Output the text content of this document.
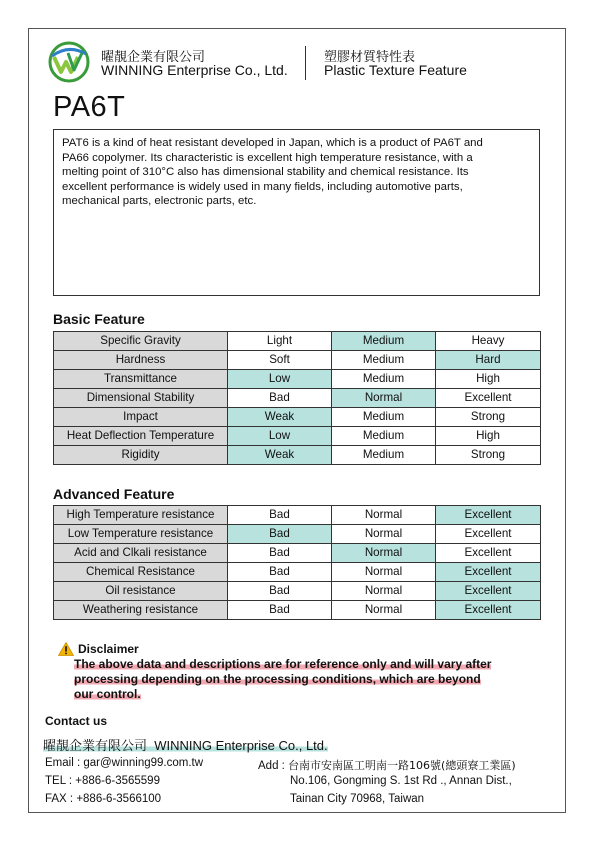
曜靚企業有限公司
WINNING Enterprise Co., Ltd.
塑膠材質特性表
Plastic Texture Feature
PA6T
PAT6 is a kind of heat resistant developed in Japan, which is a product of PA6T and
PA66 copolymer. Its characteristic is excellent high temperature resistance, with a
melting point of 310°C also has dimensional stability and chemical resistance. Its
excellent performance is widely used in many fields, including automotive parts,
mechanical parts, electronic parts, etc.
Basic Feature
Specific Gravity	Light	Medium	Heavy
Hardness	Soft	Medium	Hard
Transmittance	Low	Medium	High
Dimensional Stability	Bad	Normal	Excellent
Impact	Weak	Medium	Strong
Heat Deflection Temperature	Low	Medium	High
Rigidity	Weak	Medium	Strong
Advanced Feature
High Temperature resistance	Bad	Normal	Excellent
Low Temperature resistance	Bad	Normal	Excellent
Acid and Clkali resistance	Bad	Normal	Excellent
Chemical Resistance	Bad	Normal	Excellent
Oil resistance	Bad	Normal	Excellent
Weathering resistance	Bad	Normal	Excellent
Disclaimer
The above data and descriptions are for reference only and will vary after
processing depending on the processing conditions, which are beyond
our control.
Contact us
曜靚企業有限公司 WINNING Enterprise Co., Ltd.
Email : gar@winning99.com.tw
TEL : +886-6-3565599
FAX : +886-6-3566100
Add : 台南市安南區工明南一路106號(總頭寮工業區)
No.106, Gongming S. 1st Rd ., Annan Dist.,
Tainan City 70968, Taiwan
